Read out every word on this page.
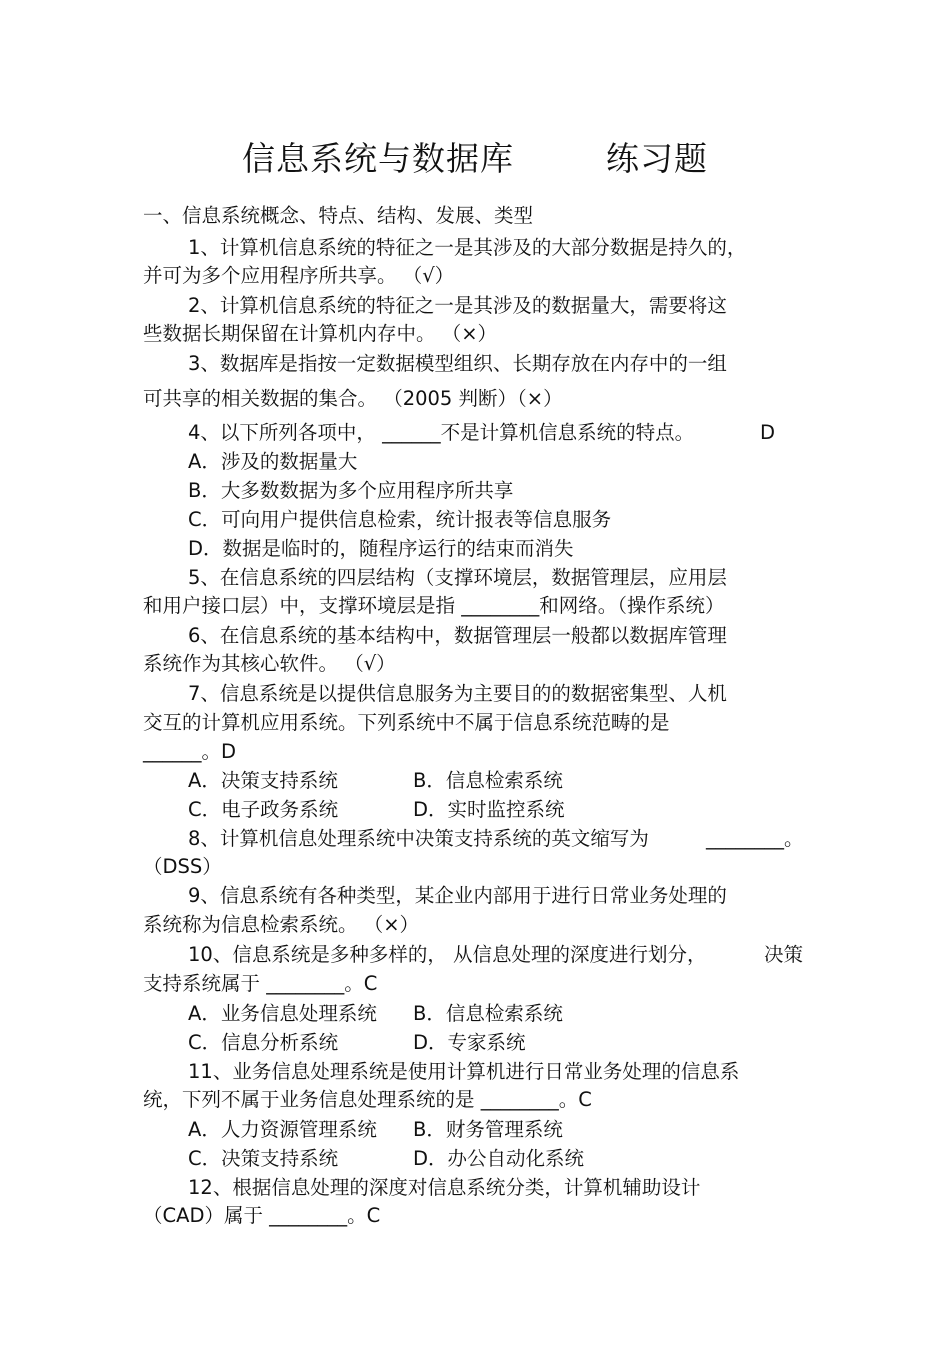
信息系统与数据库        练习题
一、信息系统概念、特点、结构、发展、类型
1、计算机信息系统的特征之一是其涉及的大部分数据是持久的，
并可为多个应用程序所共享。 （√）
2、计算机信息系统的特征之一是其涉及的数据量大，需要将这
些数据长期保留在计算机内存中。 （×）
3、数据库是指按一定数据模型组织、长期存放在内存中的一组
可共享的相关数据的集合。 （2005 判断）（×）
4、以下所列各项中， ______不是计算机信息系统的特点。	D
A．涉及的数据量大
B．大多数数据为多个应用程序所共享
C．可向用户提供信息检索，统计报表等信息服务
D．数据是临时的，随程序运行的结束而消失
5、在信息系统的四层结构（支撑环境层，数据管理层，应用层
和用户接口层）中，支撑环境层是指 ________和网络。（操作系统）
6、在信息系统的基本结构中，数据管理层一般都以数据库管理
系统作为其核心软件。 （√）
7、信息系统是以提供信息服务为主要目的的数据密集型、人机
交互的计算机应用系统。下列系统中不属于信息系统范畴的是
______。D
A．决策支持系统	B．信息检索系统
C．电子政务系统	D．实时监控系统
8、计算机信息处理系统中决策支持系统的英文缩写为	________。
（DSS）
9、信息系统有各种类型，某企业内部用于进行日常业务处理的
系统称为信息检索系统。 （×）
10、信息系统是多种多样的， 从信息处理的深度进行划分，	决策
支持系统属于 ________。C
A．业务信息处理系统 B．信息检索系统
C．信息分析系统	D．专家系统
11、业务信息处理系统是使用计算机进行日常业务处理的信息系
统，下列不属于业务信息处理系统的是 ________。C
A．人力资源管理系统 B．财务管理系统
C．决策支持系统	D．办公自动化系统
12、根据信息处理的深度对信息系统分类，计算机辅助设计
（CAD）属于 ________。C
